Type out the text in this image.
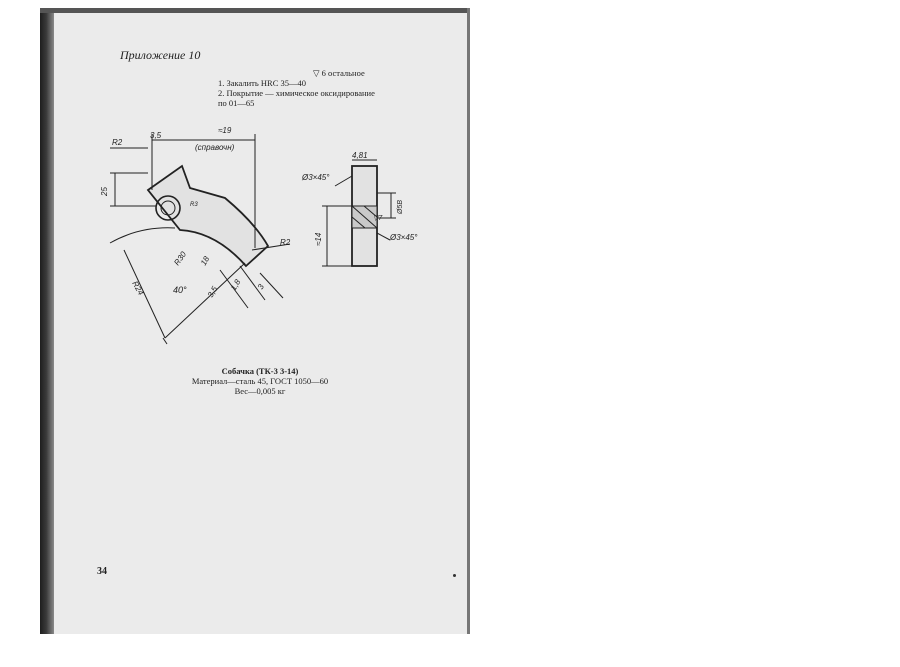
Приложение 10
▽ 6 остальное
1. Закалить HRC 35—40
2. Покрытие — химическое оксидирование
по 01—65
3,5
≈19
(справочн)
R2
25
R30
R24
R2
18
40° 3,5 1,8 3
R3
4,81
Ø3×45°
≈14	Ø3×45°
Ø5В
▽7
Собачка (ТК-3 3-14)
Материал—сталь 45, ГОСТ 1050—60
Вес—0,005 кг
34
